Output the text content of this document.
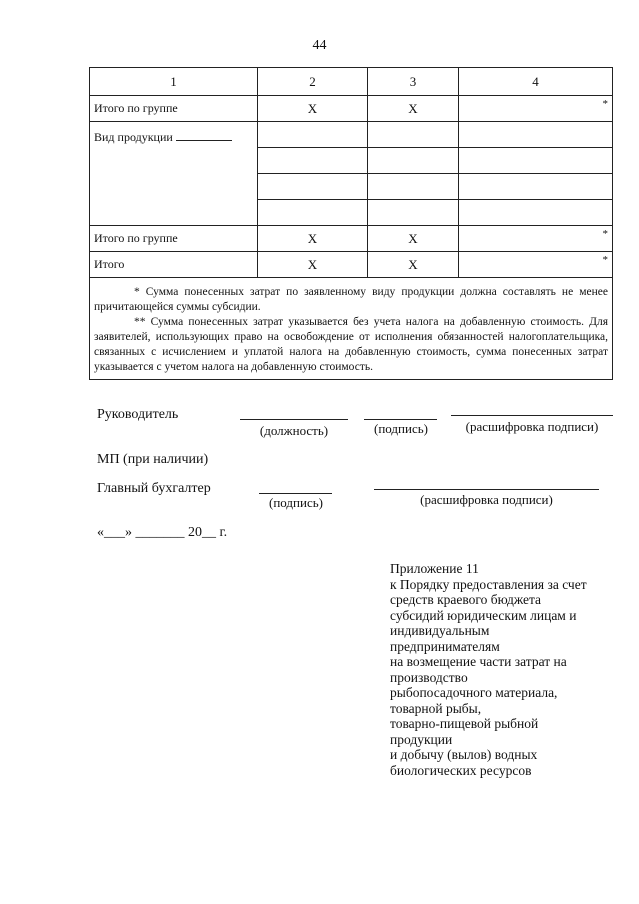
44
1	2	3	4
Итого по группе	X	X	*

Вид продукции			

Итого по группе	X	X	*

Итого	X	X	*

* Сумма понесенных затрат по заявленному виду продукции должна составлять не менее причитающейся суммы субсидии.
** Сумма понесенных затрат указывается без учета налога на добавленную стоимость. Для заявителей, использующих право на освобождение от исполнения обязанностей налогоплательщика, связанных с исчислением и уплатой налога на добавленную стоимость, сумма понесенных затрат указывается с учетом налога на добавленную стоимость.			
Руководитель
(должность)	(подпись)	(расшифровка подписи)
МП (при наличии)
Главный бухгалтер
(подпись)	(расшифровка подписи)
«___» _______ 20__ г.
Приложение 11
к Порядку предоставления за счет
средств краевого бюджета
субсидий юридическим лицам и
индивидуальным
предпринимателям
на возмещение части затрат на
производство
рыбопосадочного материала,
товарной рыбы,
товарно-пищевой рыбной
продукции
и добычу (вылов) водных
биологических ресурсов
